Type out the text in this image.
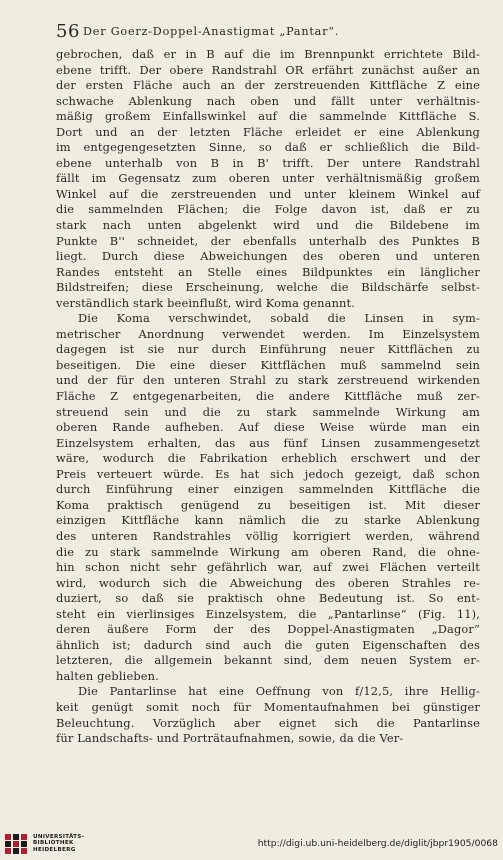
56 Der Goerz-Doppel-Anastigmat „Pantar“.
gebrochen, daß er in B auf die im Brennpunkt errichtete Bild-
ebene trifft. Der obere Randstrahl OR erfährt zunächst außer an
der ersten Fläche auch an der zerstreuenden Kittfläche Z eine
schwache Ablenkung nach oben und fällt unter verhältnis-
mäßig großem Einfallswinkel auf die sammelnde Kittfläche S.
Dort und an der letzten Fläche erleidet er eine Ablenkung
im entgegengesetzten Sinne, so daß er schließlich die Bild-
ebene unterhalb von B in B' trifft. Der untere Randstrahl
fällt im Gegensatz zum oberen unter verhältnismäßig großem
Winkel auf die zerstreuenden und unter kleinem Winkel auf
die sammelnden Flächen; die Folge davon ist, daß er zu
stark nach unten abgelenkt wird und die Bildebene im
Punkte B'' schneidet, der ebenfalls unterhalb des Punktes B
liegt. Durch diese Abweichungen des oberen und unteren
Randes entsteht an Stelle eines Bildpunktes ein länglicher
Bildstreifen; diese Erscheinung, welche die Bildschärfe selbst-
verständlich stark beeinflußt, wird Koma genannt.
Die Koma verschwindet, sobald die Linsen in sym-
metrischer Anordnung verwendet werden. Im Einzelsystem
dagegen ist sie nur durch Einführung neuer Kittflächen zu
beseitigen. Die eine dieser Kittflächen muß sammelnd sein
und der für den unteren Strahl zu stark zerstreuend wirkenden
Fläche Z entgegenarbeiten, die andere Kittfläche muß zer-
streuend sein und die zu stark sammelnde Wirkung am
oberen Rande aufheben. Auf diese Weise würde man ein
Einzelsystem erhalten, das aus fünf Linsen zusammengesetzt
wäre, wodurch die Fabrikation erheblich erschwert und der
Preis verteuert würde. Es hat sich jedoch gezeigt, daß schon
durch Einführung einer einzigen sammelnden Kittfläche die
Koma praktisch genügend zu beseitigen ist. Mit dieser
einzigen Kittfläche kann nämlich die zu starke Ablenkung
des unteren Randstrahles völlig korrigiert werden, während
die zu stark sammelnde Wirkung am oberen Rand, die ohne-
hin schon nicht sehr gefährlich war, auf zwei Flächen verteilt
wird, wodurch sich die Abweichung des oberen Strahles re-
duziert, so daß sie praktisch ohne Bedeutung ist. So ent-
steht ein vierlinsiges Einzelsystem, die „Pantarlinse“ (Fig. 11),
deren äußere Form der des Doppel-Anastigmaten „Dagor“
ähnlich ist; dadurch sind auch die guten Eigenschaften des
letzteren, die allgemein bekannt sind, dem neuen System er-
halten geblieben.
Die Pantarlinse hat eine Oeffnung von f/12,5, ihre Hellig-
keit genügt somit noch für Momentaufnahmen bei günstiger
Beleuchtung. Vorzüglich aber eignet sich die Pantarlinse
für Landschafts- und Porträtaufnahmen, sowie, da die Ver-
UNIVERSITÄTS-
BIBLIOTHEK
HEIDELBERG
http://digi.ub.uni-heidelberg.de/diglit/jbpr1905/0068
